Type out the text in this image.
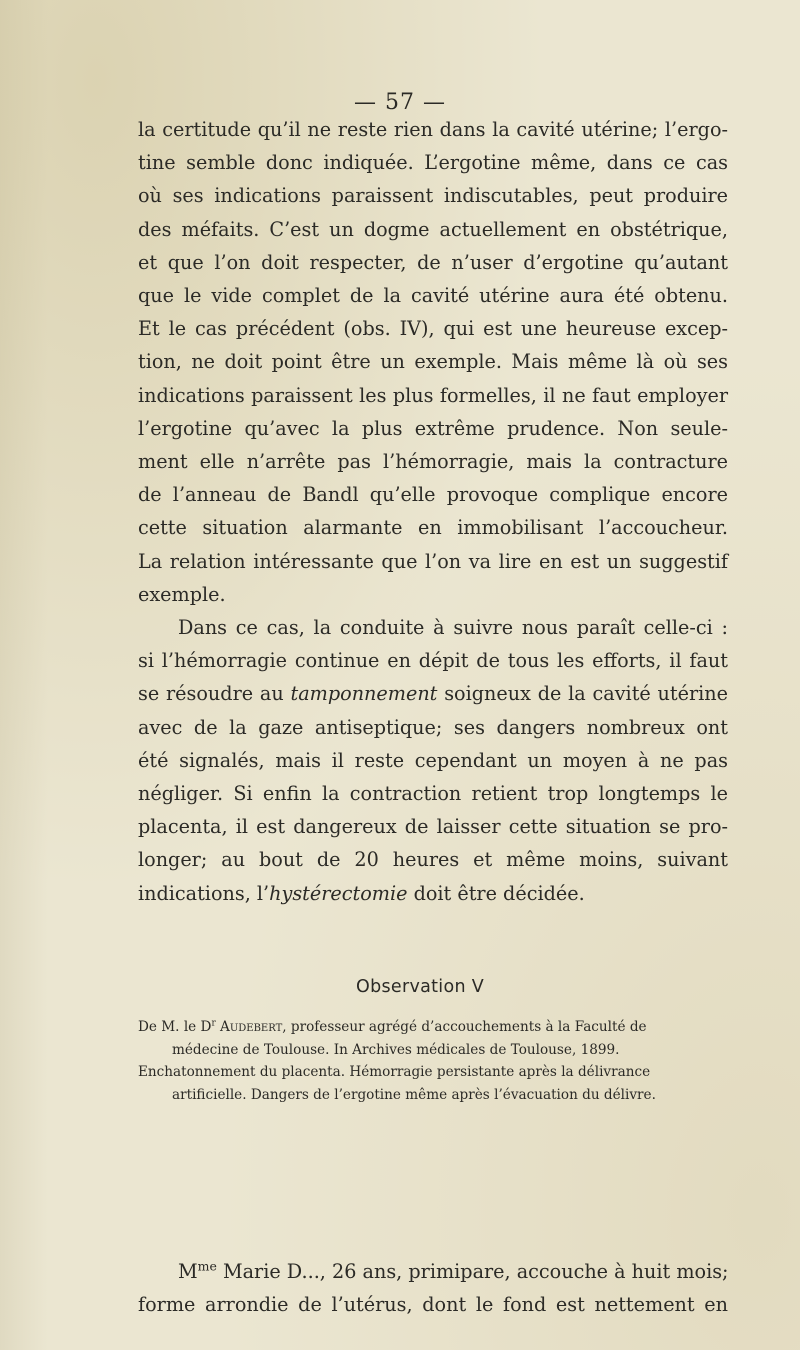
— 57 —
la certitude qu’il ne reste rien dans la cavité utérine; l’ergo-
tine semble donc indiquée. L’ergotine même, dans ce cas
où ses indications paraissent indiscutables, peut produire
des méfaits. C’est un dogme actuellement en obstétrique,
et que l’on doit respecter, de n’user d’ergotine qu’autant
que le vide complet de la cavité utérine aura été obtenu.
Et le cas précédent (obs. IV), qui est une heureuse excep-
tion, ne doit point être un exemple. Mais même là où ses
indications paraissent les plus formelles, il ne faut employer
l’ergotine qu’avec la plus extrême prudence. Non seule-
ment elle n’arrête pas l’hémorragie, mais la contracture
de l’anneau de Bandl qu’elle provoque complique encore
cette situation alarmante en immobilisant l’accoucheur.
La relation intéressante que l’on va lire en est un suggestif
exemple.
Dans ce cas, la conduite à suivre nous paraît celle-ci :
si l’hémorragie continue en dépit de tous les efforts, il faut
se résoudre au tamponnement soigneux de la cavité utérine
avec de la gaze antiseptique; ses dangers nombreux ont
été signalés, mais il reste cependant un moyen à ne pas
négliger. Si enfin la contraction retient trop longtemps le
placenta, il est dangereux de laisser cette situation se pro-
longer; au bout de 20 heures et même moins, suivant
indications, l’hystérectomie doit être décidée.
Observation V
De M. le $D^r$ Audebert, professeur agrégé d’accouchements à la Faculté de
médecine de Toulouse. In Archives médicales de Toulouse, 1899.
Enchatonnement du placenta. Hémorragie persistante après la délivrance
artificielle. Dangers de l’ergotine même après l’évacuation du délivre.
$M^{me}$ Marie D..., 26 ans, primipare, accouche à huit mois;
forme arrondie de l’utérus, dont le fond est nettement en
